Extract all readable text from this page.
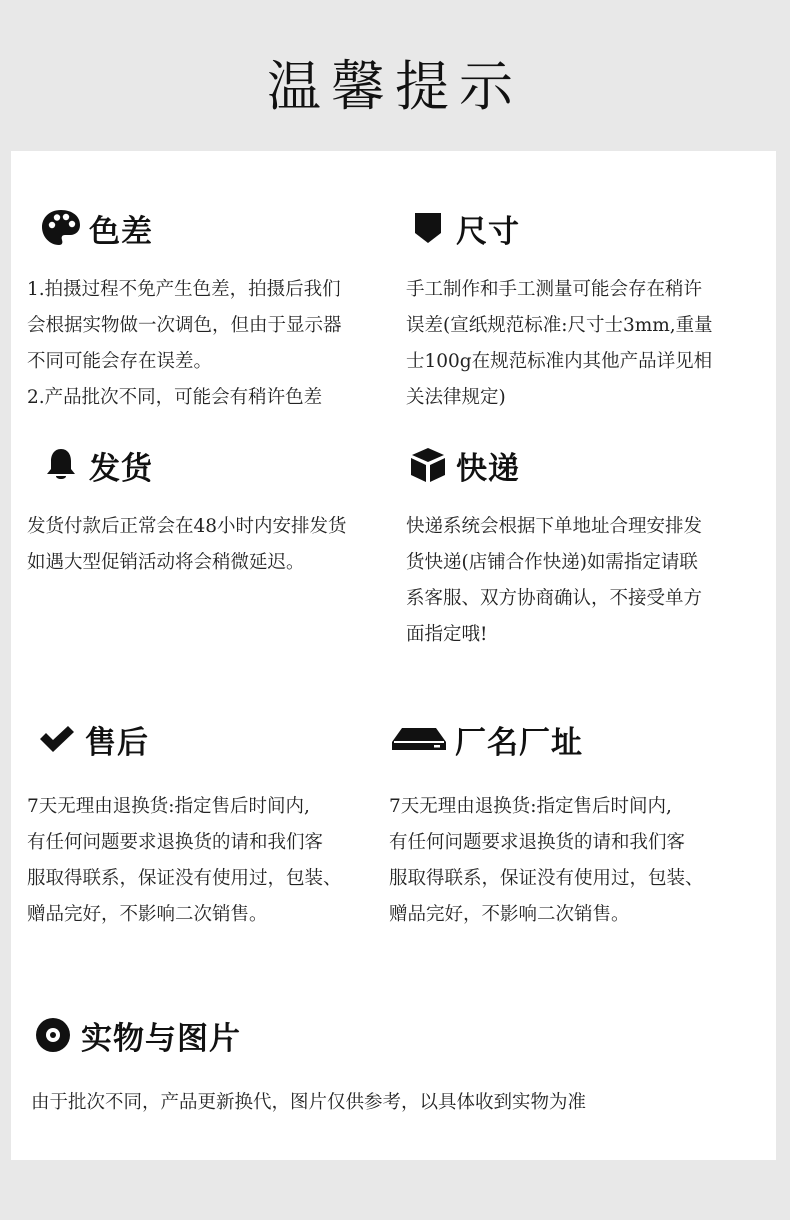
温馨提示
色差
1.拍摄过程不免产生色差，拍摄后我们
会根据实物做一次调色，但由于显示器
不同可能会存在误差。
2.产品批次不同，可能会有稍许色差
尺寸
手工制作和手工测量可能会存在稍许
误差(宣纸规范标准:尺寸士3mm,重量
士100g在规范标准内其他产品详见相
关法律规定)
发货
发货付款后正常会在48小时内安排发货
如遇大型促销活动将会稍微延迟。
快递
快递系统会根据下单地址合理安排发
货快递(店铺合作快递)如需指定请联
系客服、双方协商确认，不接受单方
面指定哦!
售后
7天无理由退换货:指定售后时间内,
有任何问题要求退换货的请和我们客
服取得联系，保证没有使用过，包装、
赠品完好，不影响二次销售。
厂名厂址
7天无理由退换货:指定售后时间内,
有任何问题要求退换货的请和我们客
服取得联系，保证没有使用过，包装、
赠品完好，不影响二次销售。
实物与图片
由于批次不同，产品更新换代，图片仅供参考，以具体收到实物为准
